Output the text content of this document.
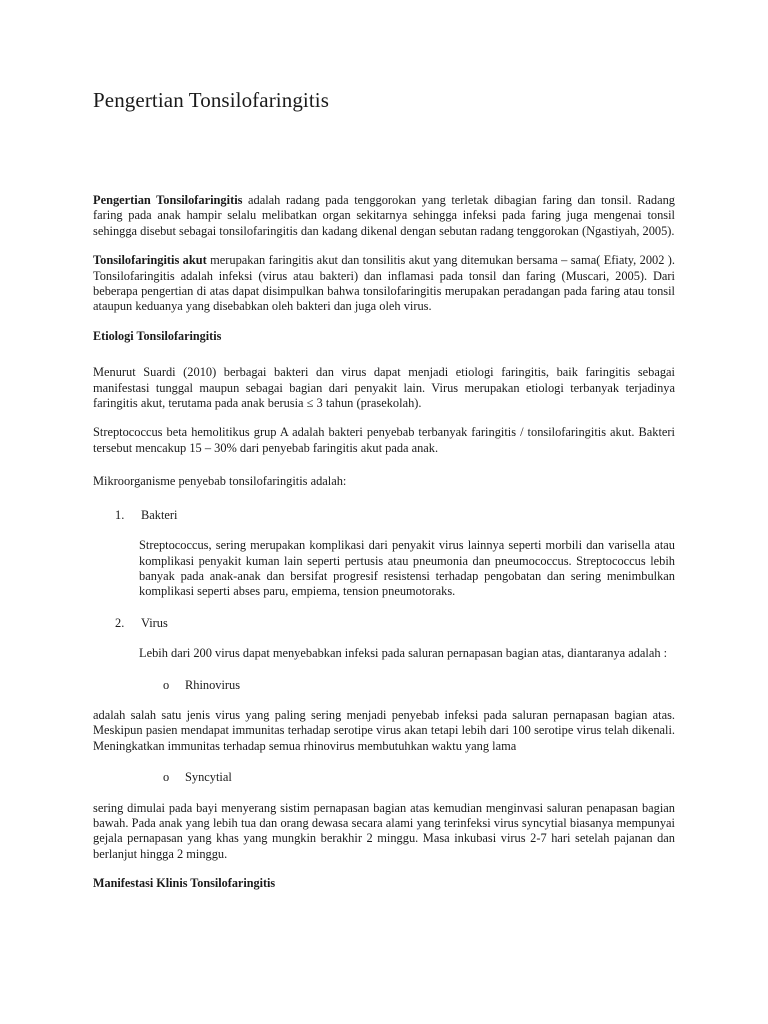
Pengertian Tonsilofaringitis

Pengertian Tonsilofaringitis adalah radang pada tenggorokan yang terletak dibagian faring dan tonsil. Radang faring pada anak hampir selalu melibatkan organ sekitarnya sehingga infeksi pada faring juga mengenai tonsil sehingga disebut sebagai tonsilofaringitis dan kadang dikenal dengan sebutan radang tenggorokan (Ngastiyah, 2005).

Tonsilofaringitis akut merupakan faringitis akut dan tonsilitis akut yang ditemukan bersama – sama( Efiaty, 2002 ). Tonsilofaringitis adalah infeksi (virus atau bakteri) dan inflamasi pada tonsil dan faring (Muscari, 2005). Dari beberapa pengertian di atas dapat disimpulkan bahwa tonsilofaringitis merupakan peradangan pada faring atau tonsil ataupun keduanya yang disebabkan oleh bakteri dan juga oleh virus.

Etiologi Tonsilofaringitis

Menurut Suardi (2010) berbagai bakteri dan virus dapat menjadi etiologi faringitis, baik faringitis sebagai manifestasi tunggal maupun sebagai bagian dari penyakit lain. Virus merupakan etiologi terbanyak terjadinya faringitis akut, terutama pada anak berusia ≤ 3 tahun (prasekolah).

Streptococcus beta hemolitikus grup A adalah bakteri penyebab terbanyak faringitis / tonsilofaringitis akut. Bakteri tersebut mencakup 15 – 30% dari penyebab faringitis akut pada anak.

Mikroorganisme penyebab tonsilofaringitis adalah:

1. Bakteri

Streptococcus, sering merupakan komplikasi dari penyakit virus lainnya seperti morbili dan varisella atau komplikasi penyakit kuman lain seperti pertusis atau pneumonia dan pneumococcus. Streptococcus lebih banyak pada anak-anak dan bersifat progresif resistensi terhadap pengobatan dan sering menimbulkan komplikasi seperti abses paru, empiema, tension pneumotoraks.

2. Virus

Lebih dari 200 virus dapat menyebabkan infeksi pada saluran pernapasan bagian atas, diantaranya adalah :

o Rhinovirus

adalah salah satu jenis virus yang paling sering menjadi penyebab infeksi pada saluran pernapasan bagian atas. Meskipun pasien mendapat immunitas terhadap serotipe virus akan tetapi lebih dari 100 serotipe virus telah dikenali. Meningkatkan immunitas terhadap semua rhinovirus membutuhkan waktu yang lama

o Syncytial

sering dimulai pada bayi menyerang sistim pernapasan bagian atas kemudian menginvasi saluran penapasan bagian bawah. Pada anak yang lebih tua dan orang dewasa secara alami yang terinfeksi virus syncytial biasanya mempunyai gejala pernapasan yang khas yang mungkin berakhir 2 minggu. Masa inkubasi virus 2-7 hari setelah pajanan dan berlanjut hingga 2 minggu.

Manifestasi Klinis Tonsilofaringitis
